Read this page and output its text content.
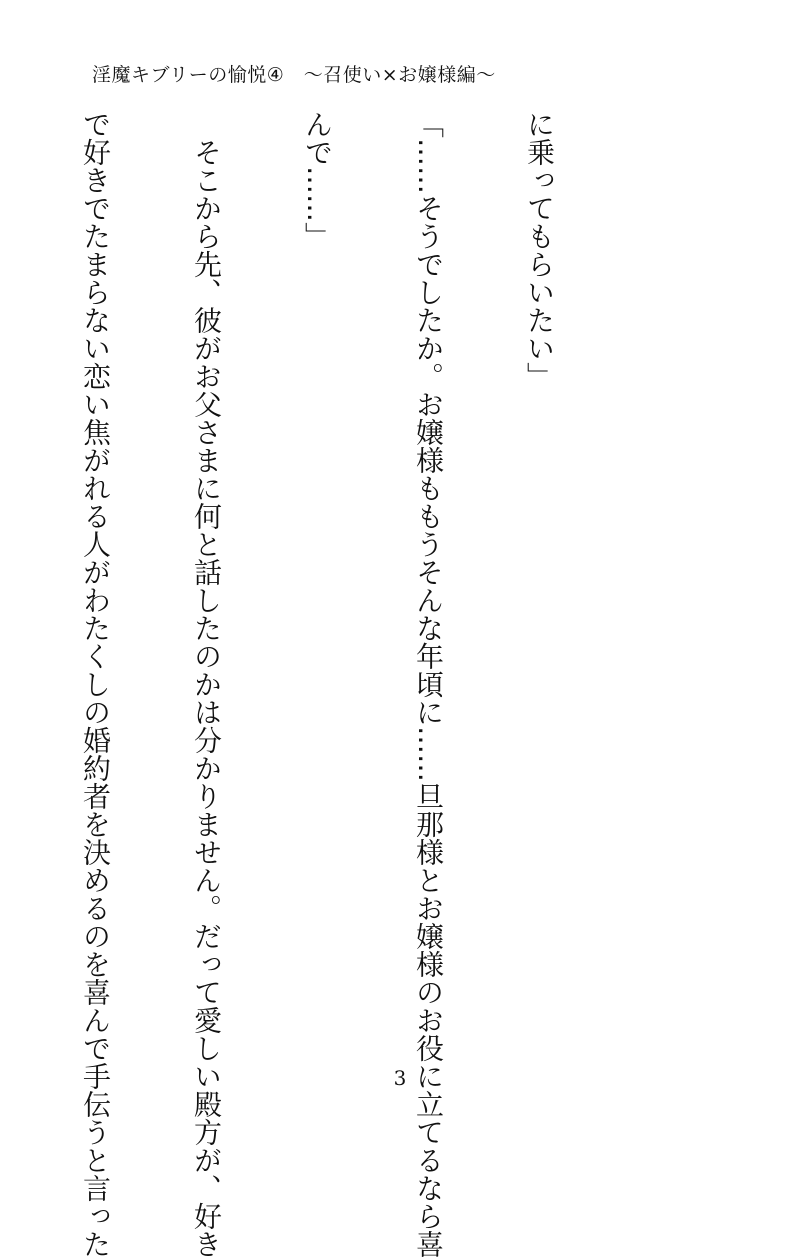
淫魔キブリーの愉悦④　〜召使い×お嬢様編〜

に乗ってもらいたい」

「……そうでしたか。お嬢様ももうそんな年頃に……旦那様とお嬢様のお役に立てるなら喜

んで……」

　そこから先、彼がお父さまに何と話したのかは分かりません。だって愛しい殿方が、好き

で好きでたまらない恋い焦がれる人がわたくしの婚約者を決めるのを喜んで手伝うと言った

	3
